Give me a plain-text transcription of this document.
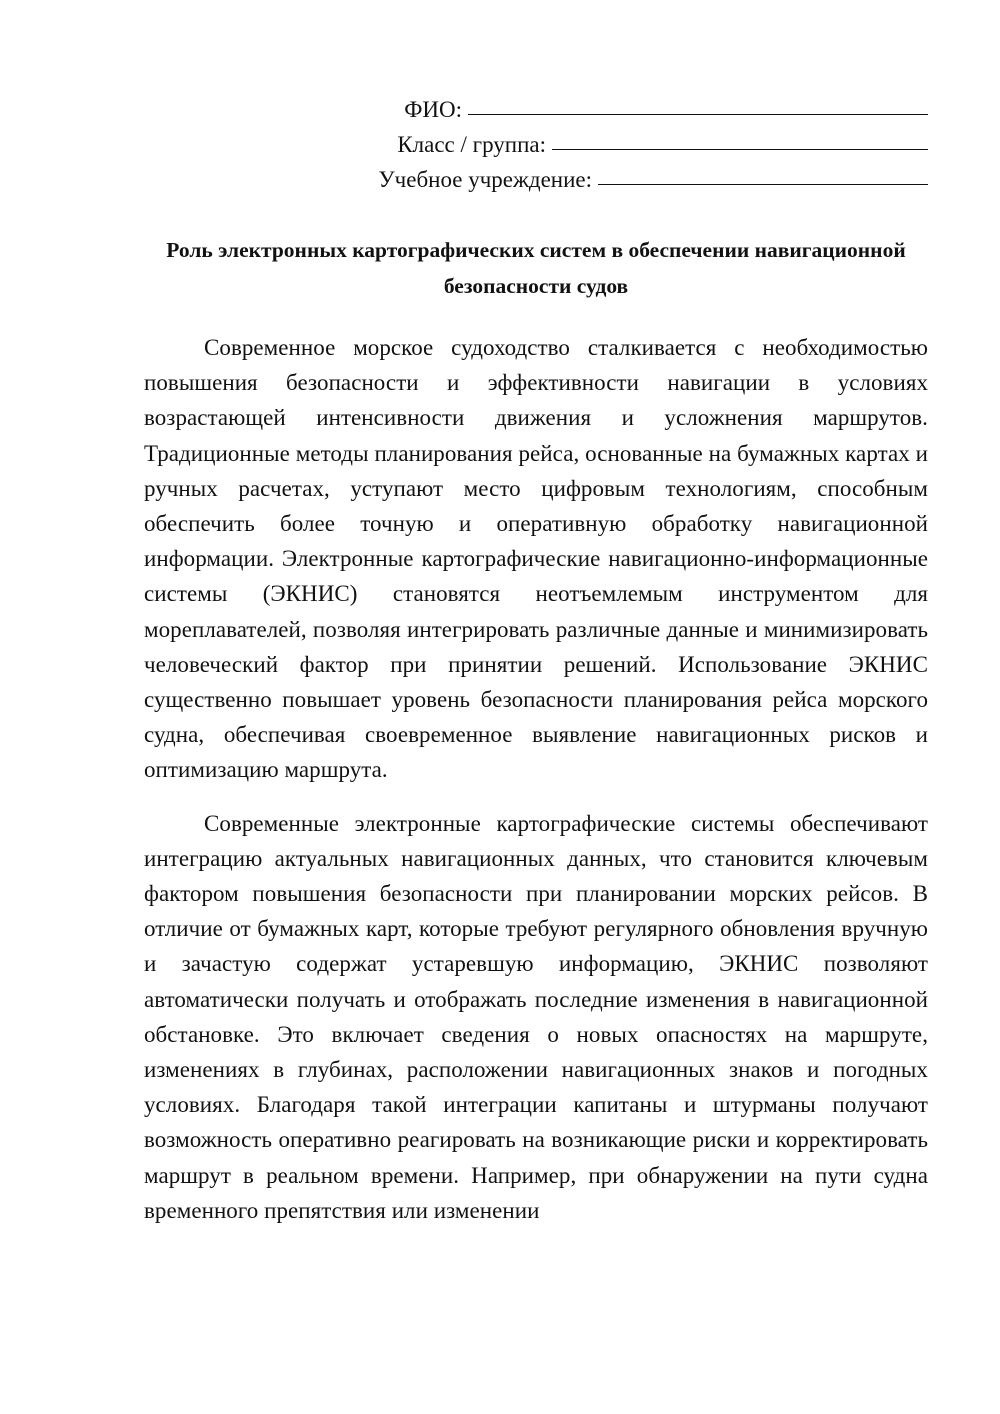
ФИО:
Класс / группа:
Учебное учреждение:
Роль электронных картографических систем в обеспечении навигационной безопасности судов

Современное морское судоходство сталкивается с необходимостью повышения безопасности и эффективности навигации в условиях возрастающей интенсивности движения и усложнения маршрутов. Традиционные методы планирования рейса, основанные на бумажных картах и ручных расчетах, уступают место цифровым технологиям, способным обеспечить более точную и оперативную обработку навигационной информации. Электронные картографические навигационно-информационные системы (ЭКНИС) становятся неотъемлемым инструментом для мореплавателей, позволяя интегрировать различные данные и минимизировать человеческий фактор при принятии решений. Использование ЭКНИС существенно повышает уровень безопасности планирования рейса морского судна, обеспечивая своевременное выявление навигационных рисков и оптимизацию маршрута.

Современные электронные картографические системы обеспечивают интеграцию актуальных навигационных данных, что становится ключевым фактором повышения безопасности при планировании морских рейсов. В отличие от бумажных карт, которые требуют регулярного обновления вручную и зачастую содержат устаревшую информацию, ЭКНИС позволяют автоматически получать и отображать последние изменения в навигационной обстановке. Это включает сведения о новых опасностях на маршруте, изменениях в глубинах, расположении навигационных знаков и погодных условиях. Благодаря такой интеграции капитаны и штурманы получают возможность оперативно реагировать на возникающие риски и корректировать маршрут в реальном времени. Например, при обнаружении на пути судна временного препятствия или изменении
